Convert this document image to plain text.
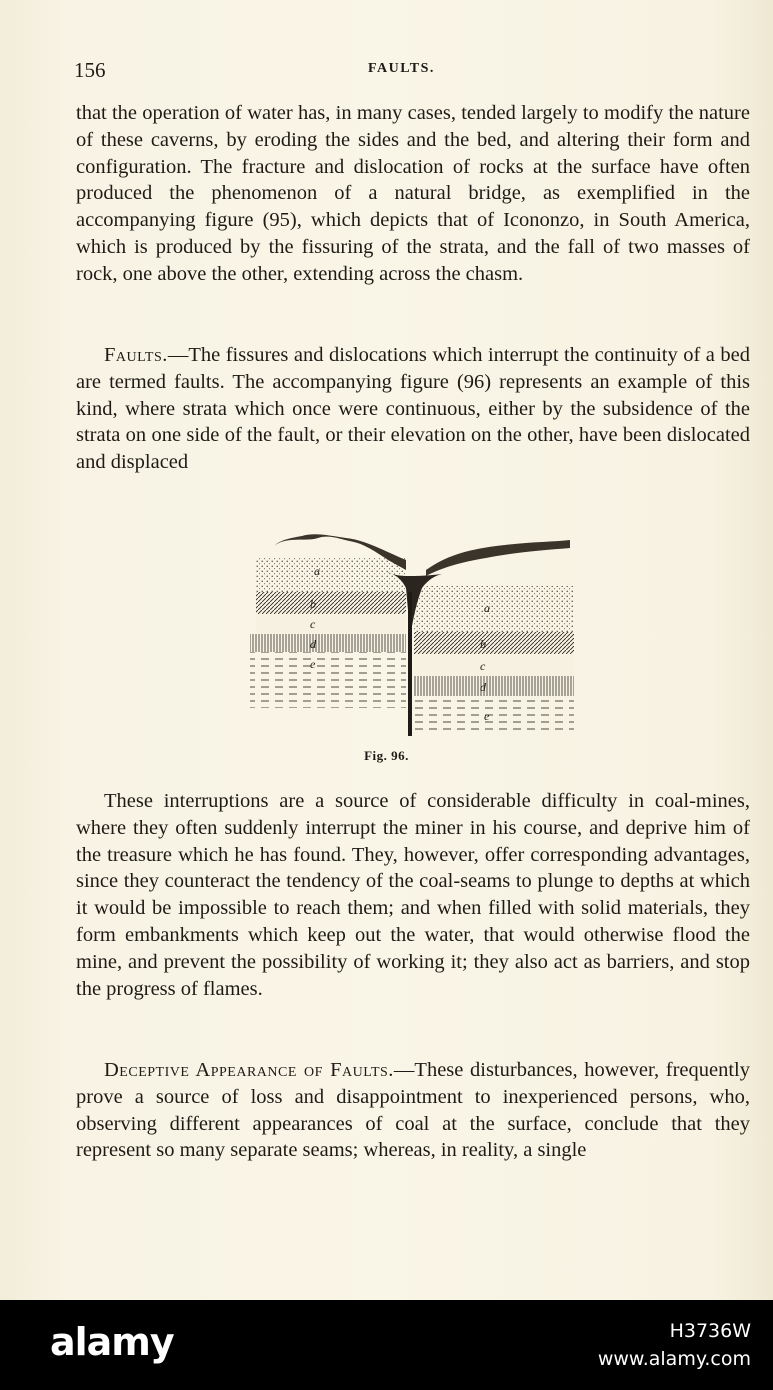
156	FAULTS.

that the operation of water has, in many cases, tended largely to modify the nature of these caverns, by eroding the sides and the bed, and altering their form and configuration. The fracture and dislocation of rocks at the surface have often produced the phenomenon of a natural bridge, as exemplified in the accompanying figure (95), which depicts that of Icononzo, in South America, which is produced by the fissuring of the strata, and the fall of two masses of rock, one above the other, extending across the chasm.

Faults.—The fissures and dislocations which interrupt the continuity of a bed are termed faults. The accompanying figure (96) represents an example of this kind, where strata which once were continuous, either by the subsidence of the strata on one side of the fault, or their elevation on the other, have been dislocated and displaced

a
b
c
d
e
a
b
c
d
e
Fig. 96.

These interruptions are a source of considerable difficulty in coal-mines, where they often suddenly interrupt the miner in his course, and deprive him of the treasure which he has found. They, however, offer corresponding advantages, since they counteract the tendency of the coal-seams to plunge to depths at which it would be impossible to reach them; and when filled with solid materials, they form embankments which keep out the water, that would otherwise flood the mine, and prevent the possibility of working it; they also act as barriers, and stop the progress of flames.

Deceptive Appearance of Faults.—These disturbances, however, frequently prove a source of loss and disappointment to inexperienced persons, who, observing different appearances of coal at the surface, conclude that they represent so many separate seams; whereas, in reality, a single

alamy	H3736W
www.alamy.com
